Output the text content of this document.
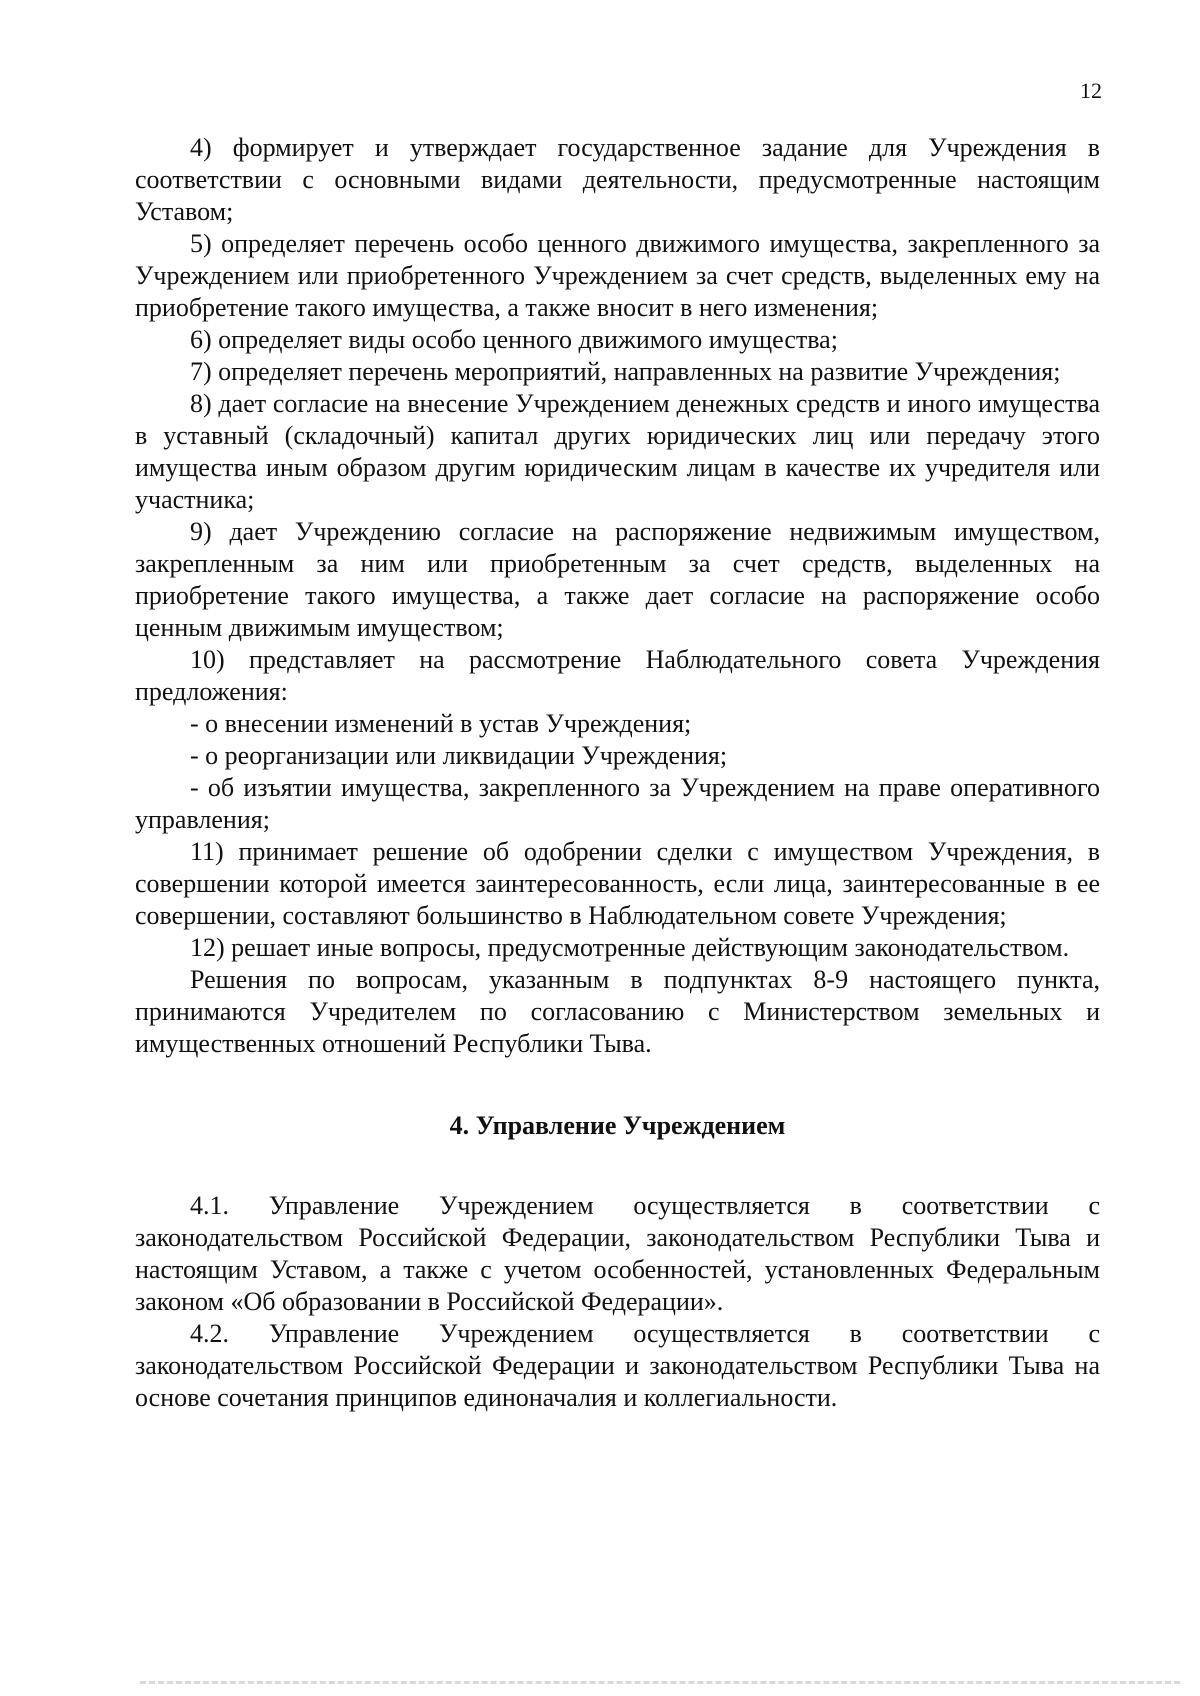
12

4) формирует и утверждает государственное задание для Учреждения в соответствии с основными видами деятельности, предусмотренные настоящим Уставом;

5) определяет перечень особо ценного движимого имущества, закрепленного за Учреждением или приобретенного Учреждением за счет средств, выделенных ему на приобретение такого имущества, а также вносит в него изменения;

6) определяет виды особо ценного движимого имущества;

7) определяет перечень мероприятий, направленных на развитие Учреждения;

8) дает согласие на внесение Учреждением денежных средств и иного имущества в уставный (складочный) капитал других юридических лиц или передачу этого имущества иным образом другим юридическим лицам в качестве их учредителя или участника;

9) дает Учреждению согласие на распоряжение недвижимым имуществом, закрепленным за ним или приобретенным за счет средств, выделенных на приобретение такого имущества, а также дает согласие на распоряжение особо ценным движимым имуществом;

10) представляет на рассмотрение Наблюдательного совета Учреждения предложения:

- о внесении изменений в устав Учреждения;

- о реорганизации или ликвидации Учреждения;

- об изъятии имущества, закрепленного за Учреждением на праве оперативного управления;

11) принимает решение об одобрении сделки с имуществом Учреждения, в совершении которой имеется заинтересованность, если лица, заинтересованные в ее совершении, составляют большинство в Наблюдательном совете Учреждения;

12) решает иные вопросы, предусмотренные действующим законодательством.

Решения по вопросам, указанным в подпунктах 8-9 настоящего пункта, принимаются Учредителем по согласованию с Министерством земельных и имущественных отношений Республики Тыва.

4. Управление Учреждением

4.1. Управление Учреждением осуществляется в соответствии с законодательством Российской Федерации, законодательством Республики Тыва и настоящим Уставом, а также с учетом особенностей, установленных Федеральным законом «Об образовании в Российской Федерации».

4.2. Управление Учреждением осуществляется в соответствии с законодательством Российской Федерации и законодательством Республики Тыва на основе сочетания принципов единоначалия и коллегиальности.
